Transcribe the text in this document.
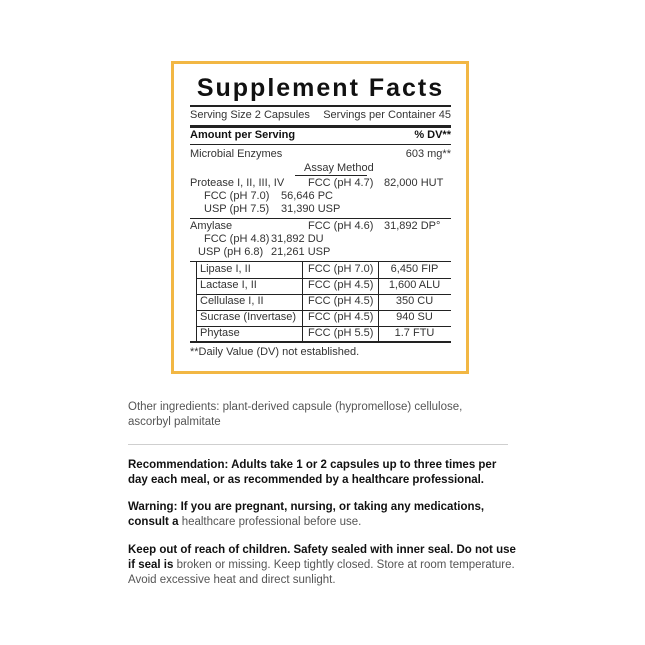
Supplement Facts
Serving Size 2 Capsules Servings per Container 45
Amount per Serving	% DV**
Microbial Enzymes	603 mg**
Assay Method
Protease I, II, III, IV FCC (pH 4.7) 82,000 HUT
FCC (pH 7.0) 56,646 PC
USP (pH 7.5) 31,390 USP
Amylase	FCC (pH 4.6) 31,892 DP°
FCC (pH 4.8) 31,892 DU
USP (pH 6.8) 21,261 USP
Lipase I, II	FCC (pH 7.0)	6,450 FIP
Lactase I, II	FCC (pH 4.5)	1,600 ALU
Cellulase I, II	FCC (pH 4.5)	350 CU
Sucrase (Invertase) FCC (pH 4.5)	940 SU
Phytase	FCC (pH 5.5)	1.7 FTU
**Daily Value (DV) not established.
Other ingredients: plant-derived capsule (hypromellose) cellulose, ascorbyl palmitate
Recommendation: Adults take 1 or 2 capsules up to three times per day each meal, or as recommended by a healthcare professional.
Warning: If you are pregnant, nursing, or taking any medications, consult a healthcare professional before use.
Keep out of reach of children. Safety sealed with inner seal. Do not use if seal is broken or missing. Keep tightly closed. Store at room temperature. Avoid excessive heat and direct sunlight.
